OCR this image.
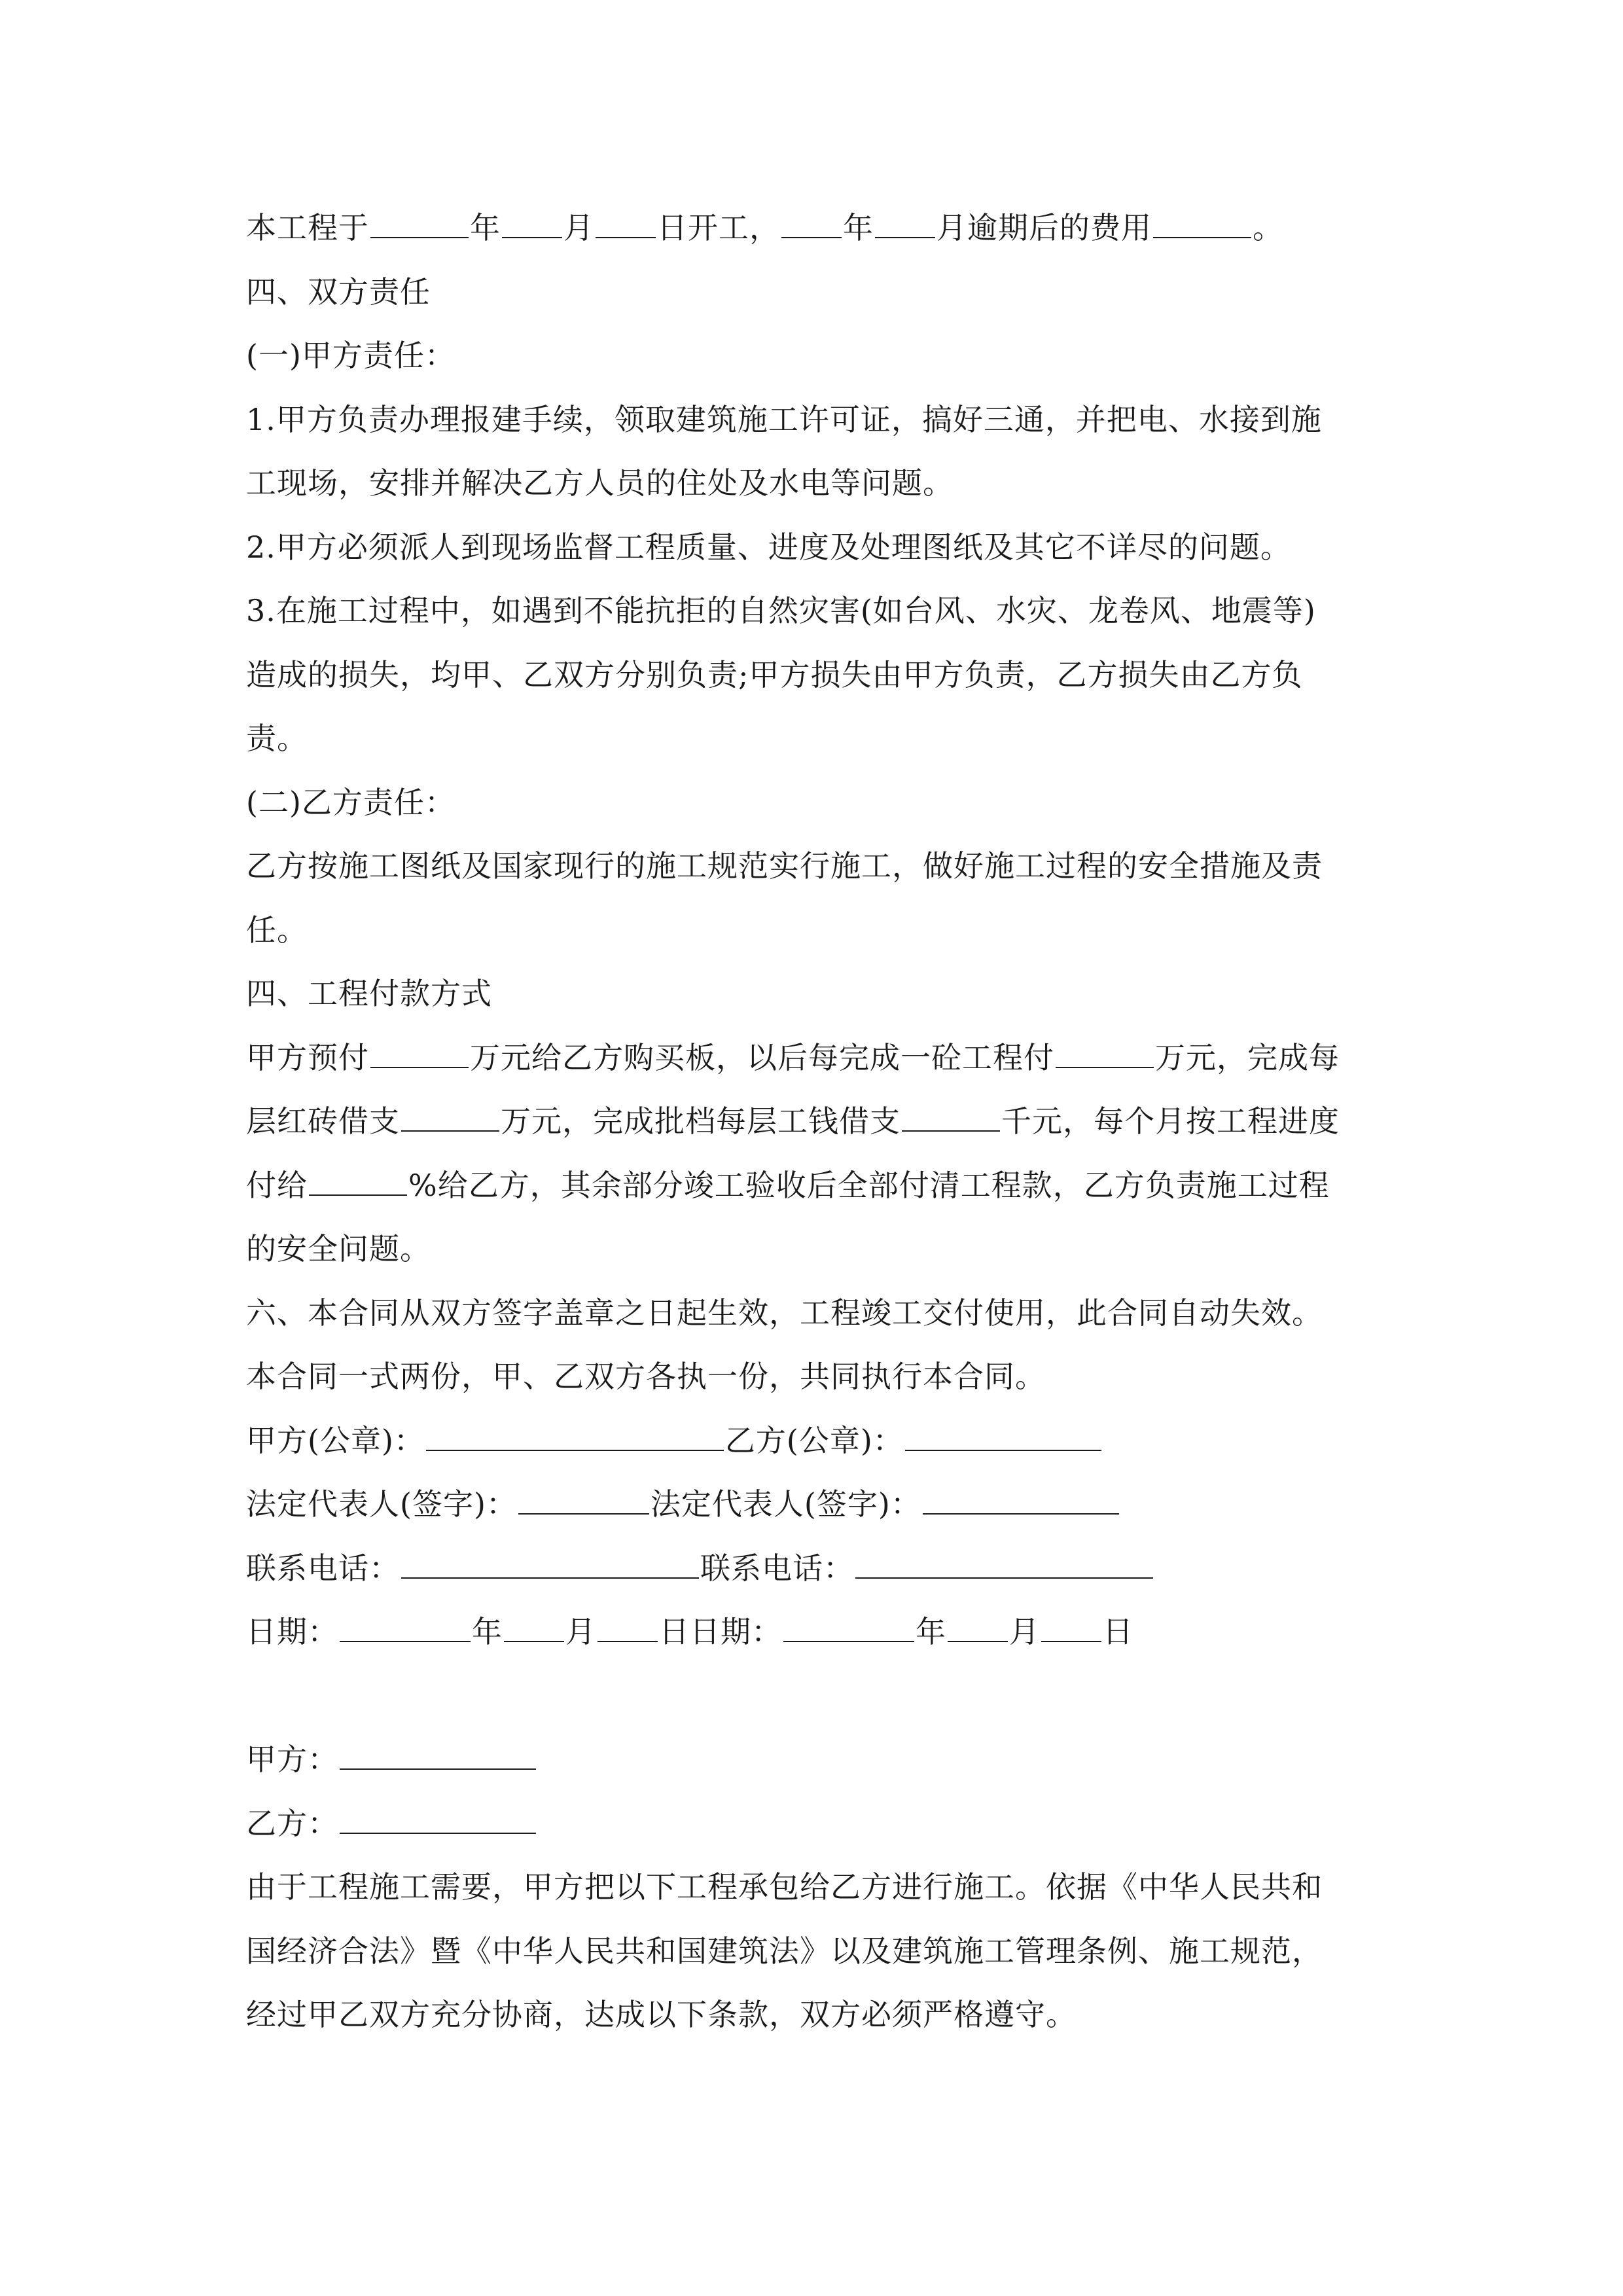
本工程于	年 月 日开工， 年 月逾期后的费用	。
四、双方责任
(一)甲方责任：
1.甲方负责办理报建手续，领取建筑施工许可证，搞好三通，并把电、水接到施
工现场，安排并解决乙方人员的住处及水电等问题。
2.甲方必须派人到现场监督工程质量、进度及处理图纸及其它不详尽的问题。
3.在施工过程中，如遇到不能抗拒的自然灾害(如台风、水灾、龙卷风、地震等)
造成的损失，均甲、乙双方分别负责;甲方损失由甲方负责，乙方损失由乙方负
责。
(二)乙方责任：
乙方按施工图纸及国家现行的施工规范实行施工，做好施工过程的安全措施及责
任。
四、工程付款方式
甲方预付	万元给乙方购买板，以后每完成一砼工程付	万元，完成每
层红砖借支	万元，完成批档每层工钱借支	千元，每个月按工程进度
付给	%给乙方，其余部分竣工验收后全部付清工程款，乙方负责施工过程
的安全问题。
六、本合同从双方签字盖章之日起生效，工程竣工交付使用，此合同自动失效。
本合同一式两份，甲、乙双方各执一份，共同执行本合同。
甲方(公章)：	乙方(公章)：
法定代表人(签字)：	法定代表人(签字)：
联系电话：	联系电话：
日期：	年 月 日日期：	年 月 日
甲方：
乙方：
由于工程施工需要，甲方把以下工程承包给乙方进行施工。依据《中华人民共和
国经济合法》暨《中华人民共和国建筑法》以及建筑施工管理条例、施工规范，
经过甲乙双方充分协商，达成以下条款，双方必须严格遵守。
